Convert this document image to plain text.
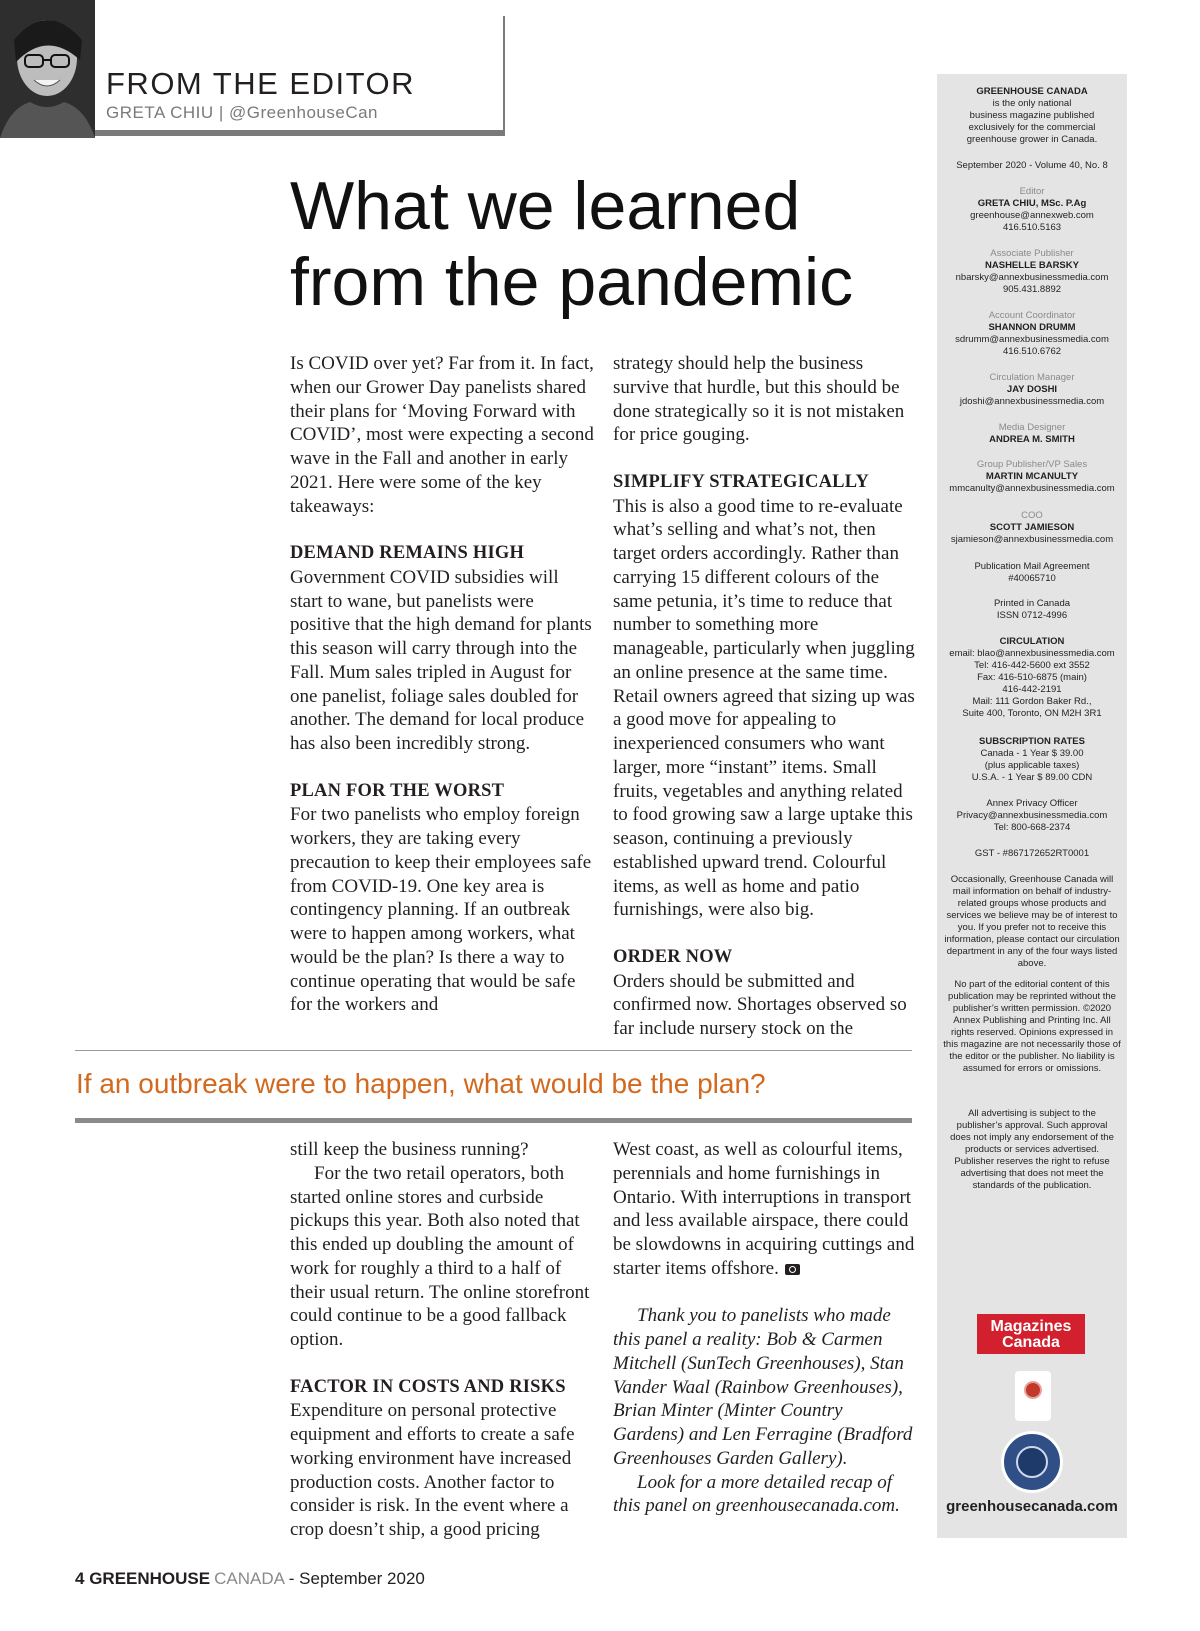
FROM THE EDITOR
GRETA CHIU | @GreenhouseCan
What we learned
from the pandemic

Is COVID over yet? Far from it. In fact, when our Grower Day panelists shared their plans for ‘Moving Forward with COVID’, most were expecting a second wave in the Fall and another in early 2021. Here were some of the key takeaways:

DEMAND REMAINS HIGH

Government COVID subsidies will start to wane, but panelists were positive that the high demand for plants this season will carry through into the Fall. Mum sales tripled in August for one panelist, foliage sales doubled for another. The demand for local produce has also been incredibly strong.

PLAN FOR THE WORST

For two panelists who employ foreign workers, they are taking every precaution to keep their employees safe from COVID-19. One key area is contingency planning. If an outbreak were to happen among workers, what would be the plan? Is there a way to continue operating that would be safe for the workers and

strategy should help the business survive that hurdle, but this should be done strategically so it is not mistaken for price gouging.

SIMPLIFY STRATEGICALLY

This is also a good time to re-evaluate what’s selling and what’s not, then target orders accordingly. Rather than carrying 15 different colours of the same petunia, it’s time to reduce that number to something more manageable, particularly when juggling an online presence at the same time. Retail owners agreed that sizing up was a good move for appealing to inexperienced consumers who want larger, more “instant” items. Small fruits, vegetables and anything related to food growing saw a large uptake this season, continuing a previously established upward trend. Colourful items, as well as home and patio furnishings, were also big.

ORDER NOW

Orders should be submitted and confirmed now. Shortages observed so far include nursery stock on the

If an outbreak were to happen, what would be the plan?

still keep the business running?

For the two retail operators, both started online stores and curbside pickups this year. Both also noted that this ended up doubling the amount of work for roughly a third to a half of their usual return. The online storefront could continue to be a good fallback option.

FACTOR IN COSTS AND RISKS

Expenditure on personal protective equipment and efforts to create a safe working environment have increased production costs. Another factor to consider is risk. In the event where a crop doesn’t ship, a good pricing

West coast, as well as colourful items, perennials and home furnishings in Ontario. With interruptions in transport and less available airspace, there could be slowdowns in acquiring cuttings and starter items offshore.

Thank you to panelists who made this panel a reality: Bob & Carmen Mitchell (SunTech Greenhouses), Stan Vander Waal (Rainbow Greenhouses), Brian Minter (Minter Country Gardens) and Len Ferragine (Bradford Greenhouses Garden Gallery).

Look for a more detailed recap of this panel on greenhousecanada.com.

GREENHOUSE CANADA
is the only national
business magazine published
exclusively for the commercial
greenhouse grower in Canada.
September 2020 - Volume 40, No. 8
Editor
GRETA CHIU, MSc. P.Ag
greenhouse@annexweb.com
416.510.5163
Associate Publisher
NASHELLE BARSKY
nbarsky@annexbusinessmedia.com
905.431.8892
Account Coordinator
SHANNON DRUMM
sdrumm@annexbusinessmedia.com
416.510.6762
Circulation Manager
JAY DOSHI
jdoshi@annexbusinessmedia.com
Media Designer
ANDREA M. SMITH
Group Publisher/VP Sales
MARTIN MCANULTY
mmcanulty@annexbusinessmedia.com
COO
SCOTT JAMIESON
sjamieson@annexbusinessmedia.com
Publication Mail Agreement
#40065710
Printed in Canada
ISSN 0712-4996
CIRCULATION
email: blao@annexbusinessmedia.com
Tel: 416-442-5600 ext 3552
Fax: 416-510-6875 (main)
416-442-2191
Mail: 111 Gordon Baker Rd.,
Suite 400, Toronto, ON M2H 3R1
SUBSCRIPTION RATES
Canada - 1 Year $ 39.00
(plus applicable taxes)
U.S.A. - 1 Year $ 89.00 CDN
Annex Privacy Officer
Privacy@annexbusinessmedia.com
Tel: 800-668-2374
GST - #867172652RT0001
Occasionally, Greenhouse Canada will mail information on behalf of industry-related groups whose products and services we believe may be of interest to you. If you prefer not to receive this information, please contact our circulation department in any of the four ways listed above.
No part of the editorial content of this publication may be reprinted without the publisher’s written permission. ©2020 Annex Publishing and Printing Inc. All rights reserved. Opinions expressed in this magazine are not necessarily those of the editor or the publisher. No liability is assumed for errors or omissions.
All advertising is subject to the publisher’s approval. Such approval does not imply any endorsement of the products or services advertised. Publisher reserves the right to refuse advertising that does not meet the standards of the publication.
Magazines Canada
greenhousecanada.com
4 GREENHOUSE CANADA - September 2020
